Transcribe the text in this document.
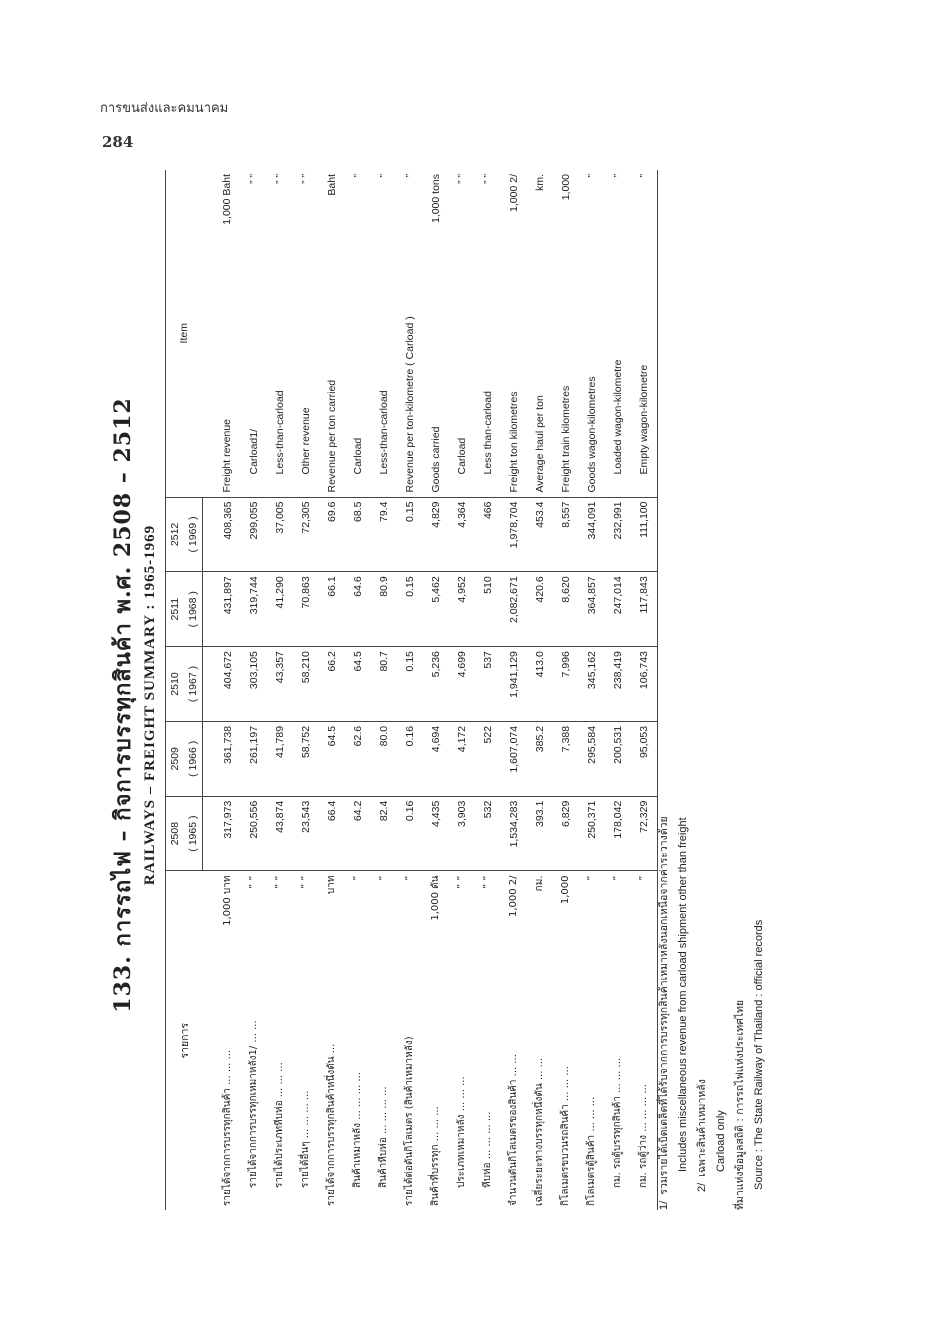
การขนส่งและคมนาคม
284
133. การรถไฟ – กิจการบรรทุกสินค้า พ.ศ. 2508 – 2512 RAILWAYS – FREIGHT SUMMARY : 1965-1969
รายการ		2508	2509	2510	2511	2512	Item	
		( 1965 )	( 1966 )	( 1967 )	( 1968 )	( 1969 )		
รายได้จากการบรรทุกสินค้า ... ... ...	1,000 บาท	317,973	361,738	404,672	431,897	408,365	Freight revenue	1,000 Baht
รายได้จากการบรรทุกเหมาหลัง1/ ... ...	” ”	250,556	261,197	303,105	319,744	299,055	Carload1/	” ”
รายได้ประเภทหีบห่อ ... ... ...	” ”	43,874	41,789	43,357	41,290	37,005	Less-than-carload	” ”
รายได้อื่นๆ ... ... ... ...	” ”	23,543	58,752	58,210	70,863	72,305	Other revenue	” ”
รายได้จากการบรรทุกสินค้าหนึ่งตัน ...	บาท	66.4	64.5	66.2	66.1	69.6	Revenue per ton carried	Baht
สินค้าเหมาหลัง ... ... ... ...	”	64.2	62.6	64.5	64.6	68.5	Carload	”
สินค้าหีบห่อ ... ... ... ...	”	82.4	80.0	80.7	80.9	79.4	Less-than-carload	”
รายได้ต่อตันกิโลเมตร (สินค้าเหมาหลัง)	”	0.16	0.16	0.15	0.15	0.15	Revenue per ton-kilometre ( Carload )	”
สินค้าที่บรรทุก ... ... ...	1,000 ตัน	4,435	4,694	5,236	5,462	4,829	Goods carried	1,000 tons
ประเภทเหมาหลัง ... ... ...	” ”	3,903	4,172	4,699	4,952	4,364	Carload	” ”
หีบห่อ ... ... ... ...	” ”	532	522	537	510	466	Less than-carload	” ”
จำนวนตันกิโลเมตรของสินค้า ... ...	1,000 2/	1,534,283	1,607,074	1,941,129	2,082,671	1,978,704	Freight ton kilometres	1,000 2/
เฉลี่ยระยะทางบรรทุกหนึ่งตัน ... ...	กม.	393.1	385.2	413.0	420.6	453.4	Average haul per ton	km.
กิโลเมตรขบวนรถสินค้า ... ... ...	1,000	6,829	7,388	7,996	8,620	8,557	Freight train kilometres	1,000
กิโลเมตรตู้สินค้า ... ... ...	”	250,371	295,584	345,162	364,857	344,091	Goods wagon-kilometres	”
กม. รถตู้บรรทุกสินค้า ... ... ...	”	178,042	200,531	238,419	247,014	232,991	Loaded wagon-kilometre	”
กม. รถตู้ว่าง ... ... ... ...	”	72,329	95,053	106,743	117,843	111,100	Empty wagon-kilometre	”
1/  รวมรายได้เบ็ดเตล็ดที่ได้รับจากการบรรทุกสินค้าเหมาหลังนอกเหนือจากค่าระวางด้วย Includes miscellaneous revenue from carload shipment other than freight
2/  เฉพาะสินค้าเหมาหลัง Carload only ที่มาแห่งข้อมูลสถิติ : การรถไฟแห่งประเทศไทย Source : The State Railway of Thailand : official records
